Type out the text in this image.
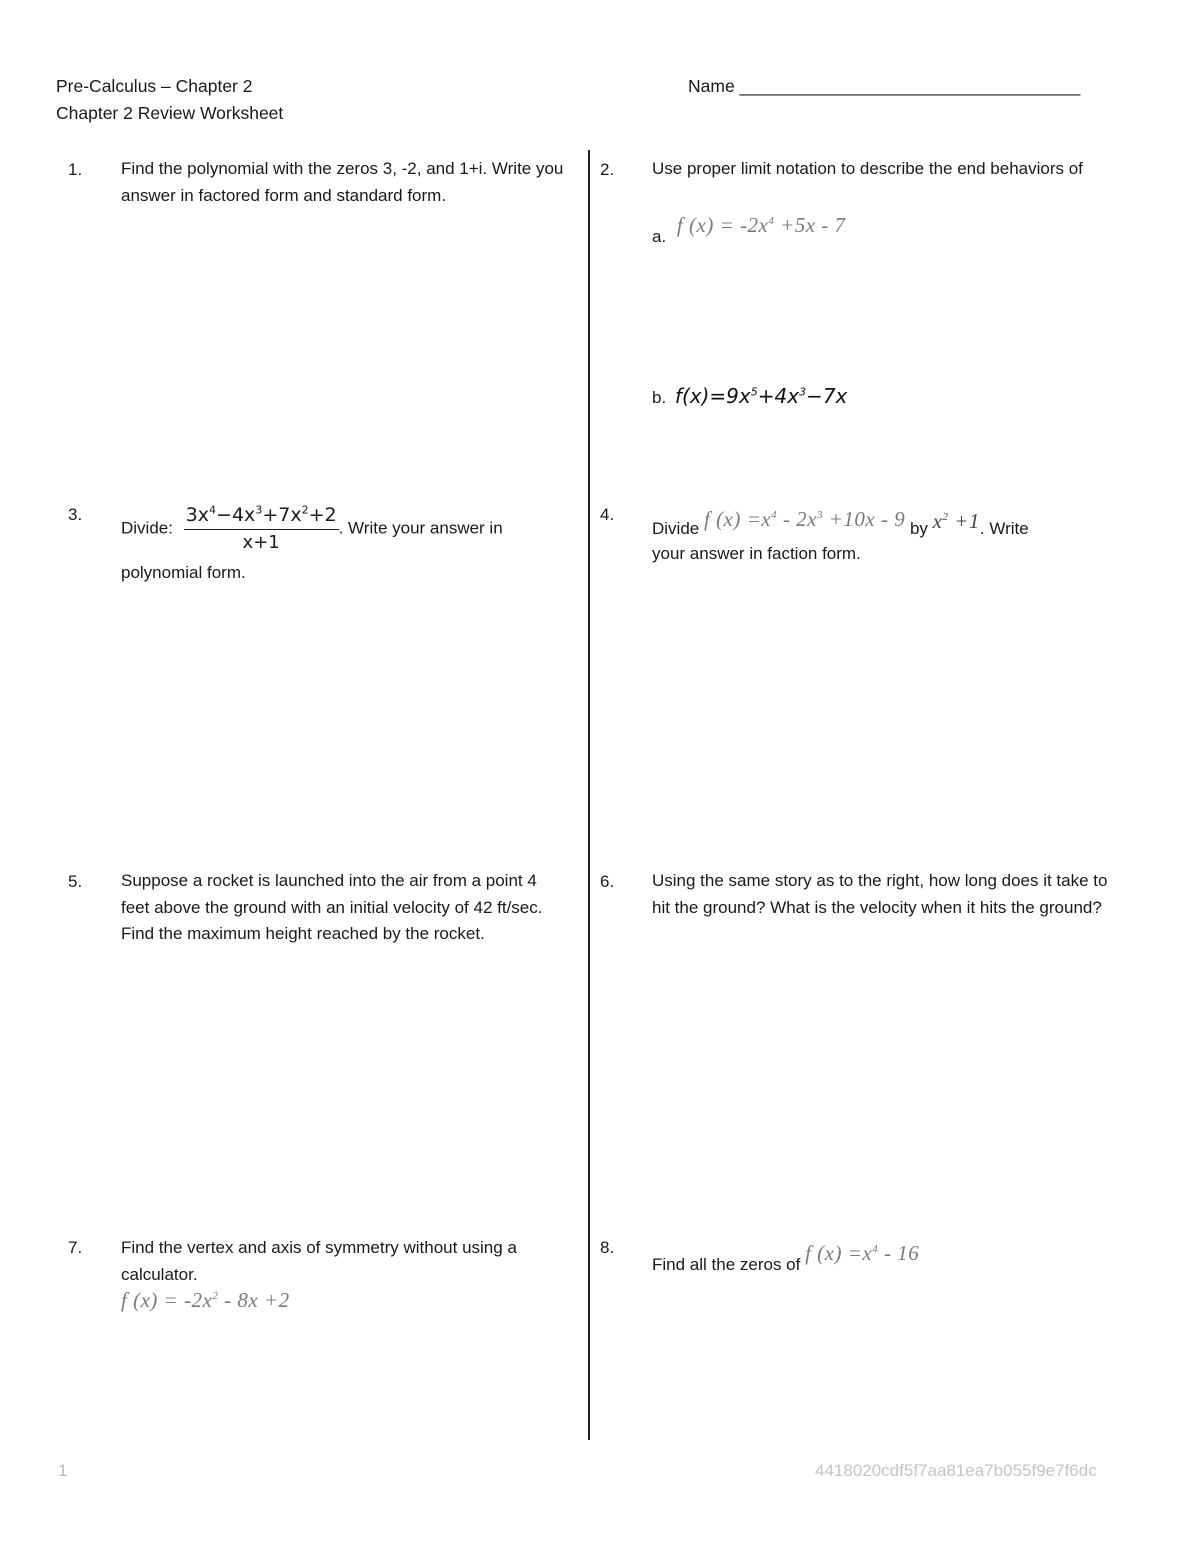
Pre-Calculus – Chapter 2
Chapter 2 Review Worksheet
Name ___________________________________
1. Find the polynomial with the zeros 3, -2, and 1+i. Write you answer in factored form and standard form.
2. Use proper limit notation to describe the end behaviors of
a. f $(x) = -2x^4 +5x - 7$
b. $f(x)=9x^5+4x^3-7x$
3.
Divide: $\frac{3x^4-4x^3+7x^2+2}{x+1}$ . Write your answer in
polynomial form.
4.
Divide f $(x) =x^4 - 2x^3 +10x - 9$ by $x^2 +1$. Write
your answer in faction form.
5. Suppose a rocket is launched into the air from a point 4 feet above the ground with an initial velocity of 42 ft/sec. Find the maximum height reached by the rocket.
6. Using the same story as to the right, how long does it take to hit the ground? What is the velocity when it hits the ground?
7. Find the vertex and axis of symmetry without using a calculator.
f $(x) = -2x^2 - 8x +2$
8.
Find all the zeros of f $(x) =x^4 - 16$
1	4418020cdf5f7aa81ea7b055f9e7f6dc
